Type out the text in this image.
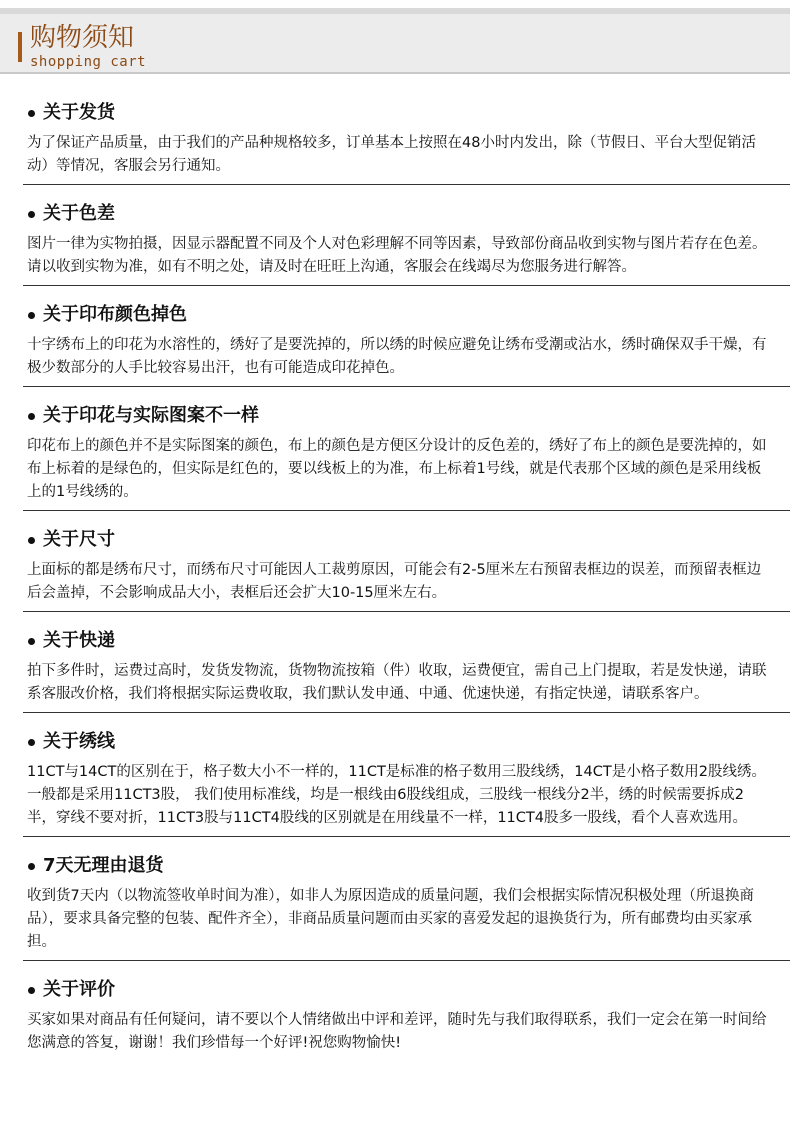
购物须知
shopping cart
关于发货
为了保证产品质量，由于我们的产品种规格较多，订单基本上按照在48小时内发出，除（节假日、平台大型促销活动）等情况，客服会另行通知。
关于色差
图片一律为实物拍摄，因显示器配置不同及个人对色彩理解不同等因素，导致部份商品收到实物与图片若存在色差。请以收到实物为准，如有不明之处，请及时在旺旺上沟通，客服会在线竭尽为您服务进行解答。
关于印布颜色掉色
十字绣布上的印花为水溶性的，绣好了是要洗掉的，所以绣的时候应避免让绣布受潮或沾水，绣时确保双手干燥，有极少数部分的人手比较容易出汗，也有可能造成印花掉色。
关于印花与实际图案不一样
印花布上的颜色并不是实际图案的颜色，布上的颜色是方便区分设计的反色差的，绣好了布上的颜色是要洗掉的，如布上标着的是绿色的，但实际是红色的，要以线板上的为准，布上标着1号线，就是代表那个区域的颜色是采用线板上的1号线绣的。
关于尺寸
上面标的都是绣布尺寸，而绣布尺寸可能因人工裁剪原因，可能会有2-5厘米左右预留表框边的误差，而预留表框边后会盖掉，不会影响成品大小，表框后还会扩大10-15厘米左右。
关于快递
拍下多件时，运费过高时，发货发物流，货物物流按箱（件）收取，运费便宜，需自己上门提取，若是发快递，请联系客服改价格，我们将根据实际运费收取，我们默认发申通、中通、优速快递，有指定快递，请联系客户。
关于绣线
11CT与14CT的区别在于，格子数大小不一样的，11CT是标准的格子数用三股线绣，14CT是小格子数用2股线绣。一般都是采用11CT3股， 我们使用标准线，均是一根线由6股线组成，三股线一根线分2半，绣的时候需要拆成2半，穿线不要对折，11CT3股与11CT4股线的区别就是在用线量不一样，11CT4股多一股线，看个人喜欢选用。
7天无理由退货
收到货7天内（以物流签收单时间为准），如非人为原因造成的质量问题，我们会根据实际情况积极处理（所退换商品），要求具备完整的包装、配件齐全），非商品质量问题而由买家的喜爱发起的退换货行为，所有邮费均由买家承担。
关于评价
买家如果对商品有任何疑问，请不要以个人情绪做出中评和差评，随时先与我们取得联系，我们一定会在第一时间给您满意的答复，谢谢！我们珍惜每一个好评!祝您购物愉快!
